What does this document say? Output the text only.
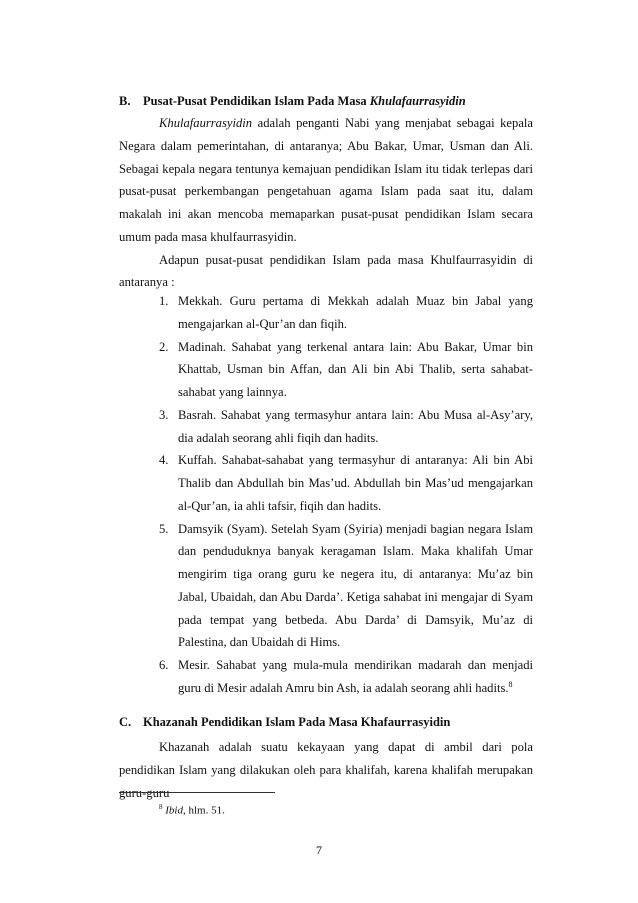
B. Pusat-Pusat Pendidikan Islam Pada Masa Khulafaurrasyidin

Khulafaurrasyidin adalah penganti Nabi yang menjabat sebagai kepala Negara dalam pemerintahan, di antaranya; Abu Bakar, Umar, Usman dan Ali. Sebagai kepala negara tentunya kemajuan pendidikan Islam itu tidak terlepas dari pusat-pusat perkembangan pengetahuan agama Islam pada saat itu, dalam makalah ini akan mencoba memaparkan pusat-pusat pendidikan Islam secara umum pada masa khulfaurrasyidin.

Adapun pusat-pusat pendidikan Islam pada masa Khulfaurrasyidin di antaranya :

1. Mekkah. Guru pertama di Mekkah adalah Muaz bin Jabal yang mengajarkan al-Qur’an dan fiqih.
2. Madinah. Sahabat yang terkenal antara lain: Abu Bakar, Umar bin Khattab, Usman bin Affan, dan Ali bin Abi Thalib, serta sahabat-sahabat yang lainnya.
3. Basrah. Sahabat yang termasyhur antara lain: Abu Musa al-Asy’ary, dia adalah seorang ahli fiqih dan hadits.
4. Kuffah. Sahabat-sahabat yang termasyhur di antaranya: Ali bin Abi Thalib dan Abdullah bin Mas’ud. Abdullah bin Mas’ud mengajarkan al-Qur’an, ia ahli tafsir, fiqih dan hadits.
5. Damsyik (Syam). Setelah Syam (Syiria) menjadi bagian negara Islam dan penduduknya banyak keragaman Islam. Maka khalifah Umar mengirim tiga orang guru ke negera itu, di antaranya: Mu’az bin Jabal, Ubaidah, dan Abu Darda’. Ketiga sahabat ini mengajar di Syam pada tempat yang betbeda. Abu Darda’ di Damsyik, Mu’az di Palestina, dan Ubaidah di Hims.
6. Mesir. Sahabat yang mula-mula mendirikan madarah dan menjadi guru di Mesir adalah Amru bin Ash, ia adalah seorang ahli hadits.$^8$
C. Khazanah Pendidikan Islam Pada Masa Khafaurrasyidin

Khazanah adalah suatu kekayaan yang dapat di ambil dari pola pendidikan Islam yang dilakukan oleh para khalifah, karena khalifah merupakan guru-guru

$^8$ Ibid, hlm. 51.
7
